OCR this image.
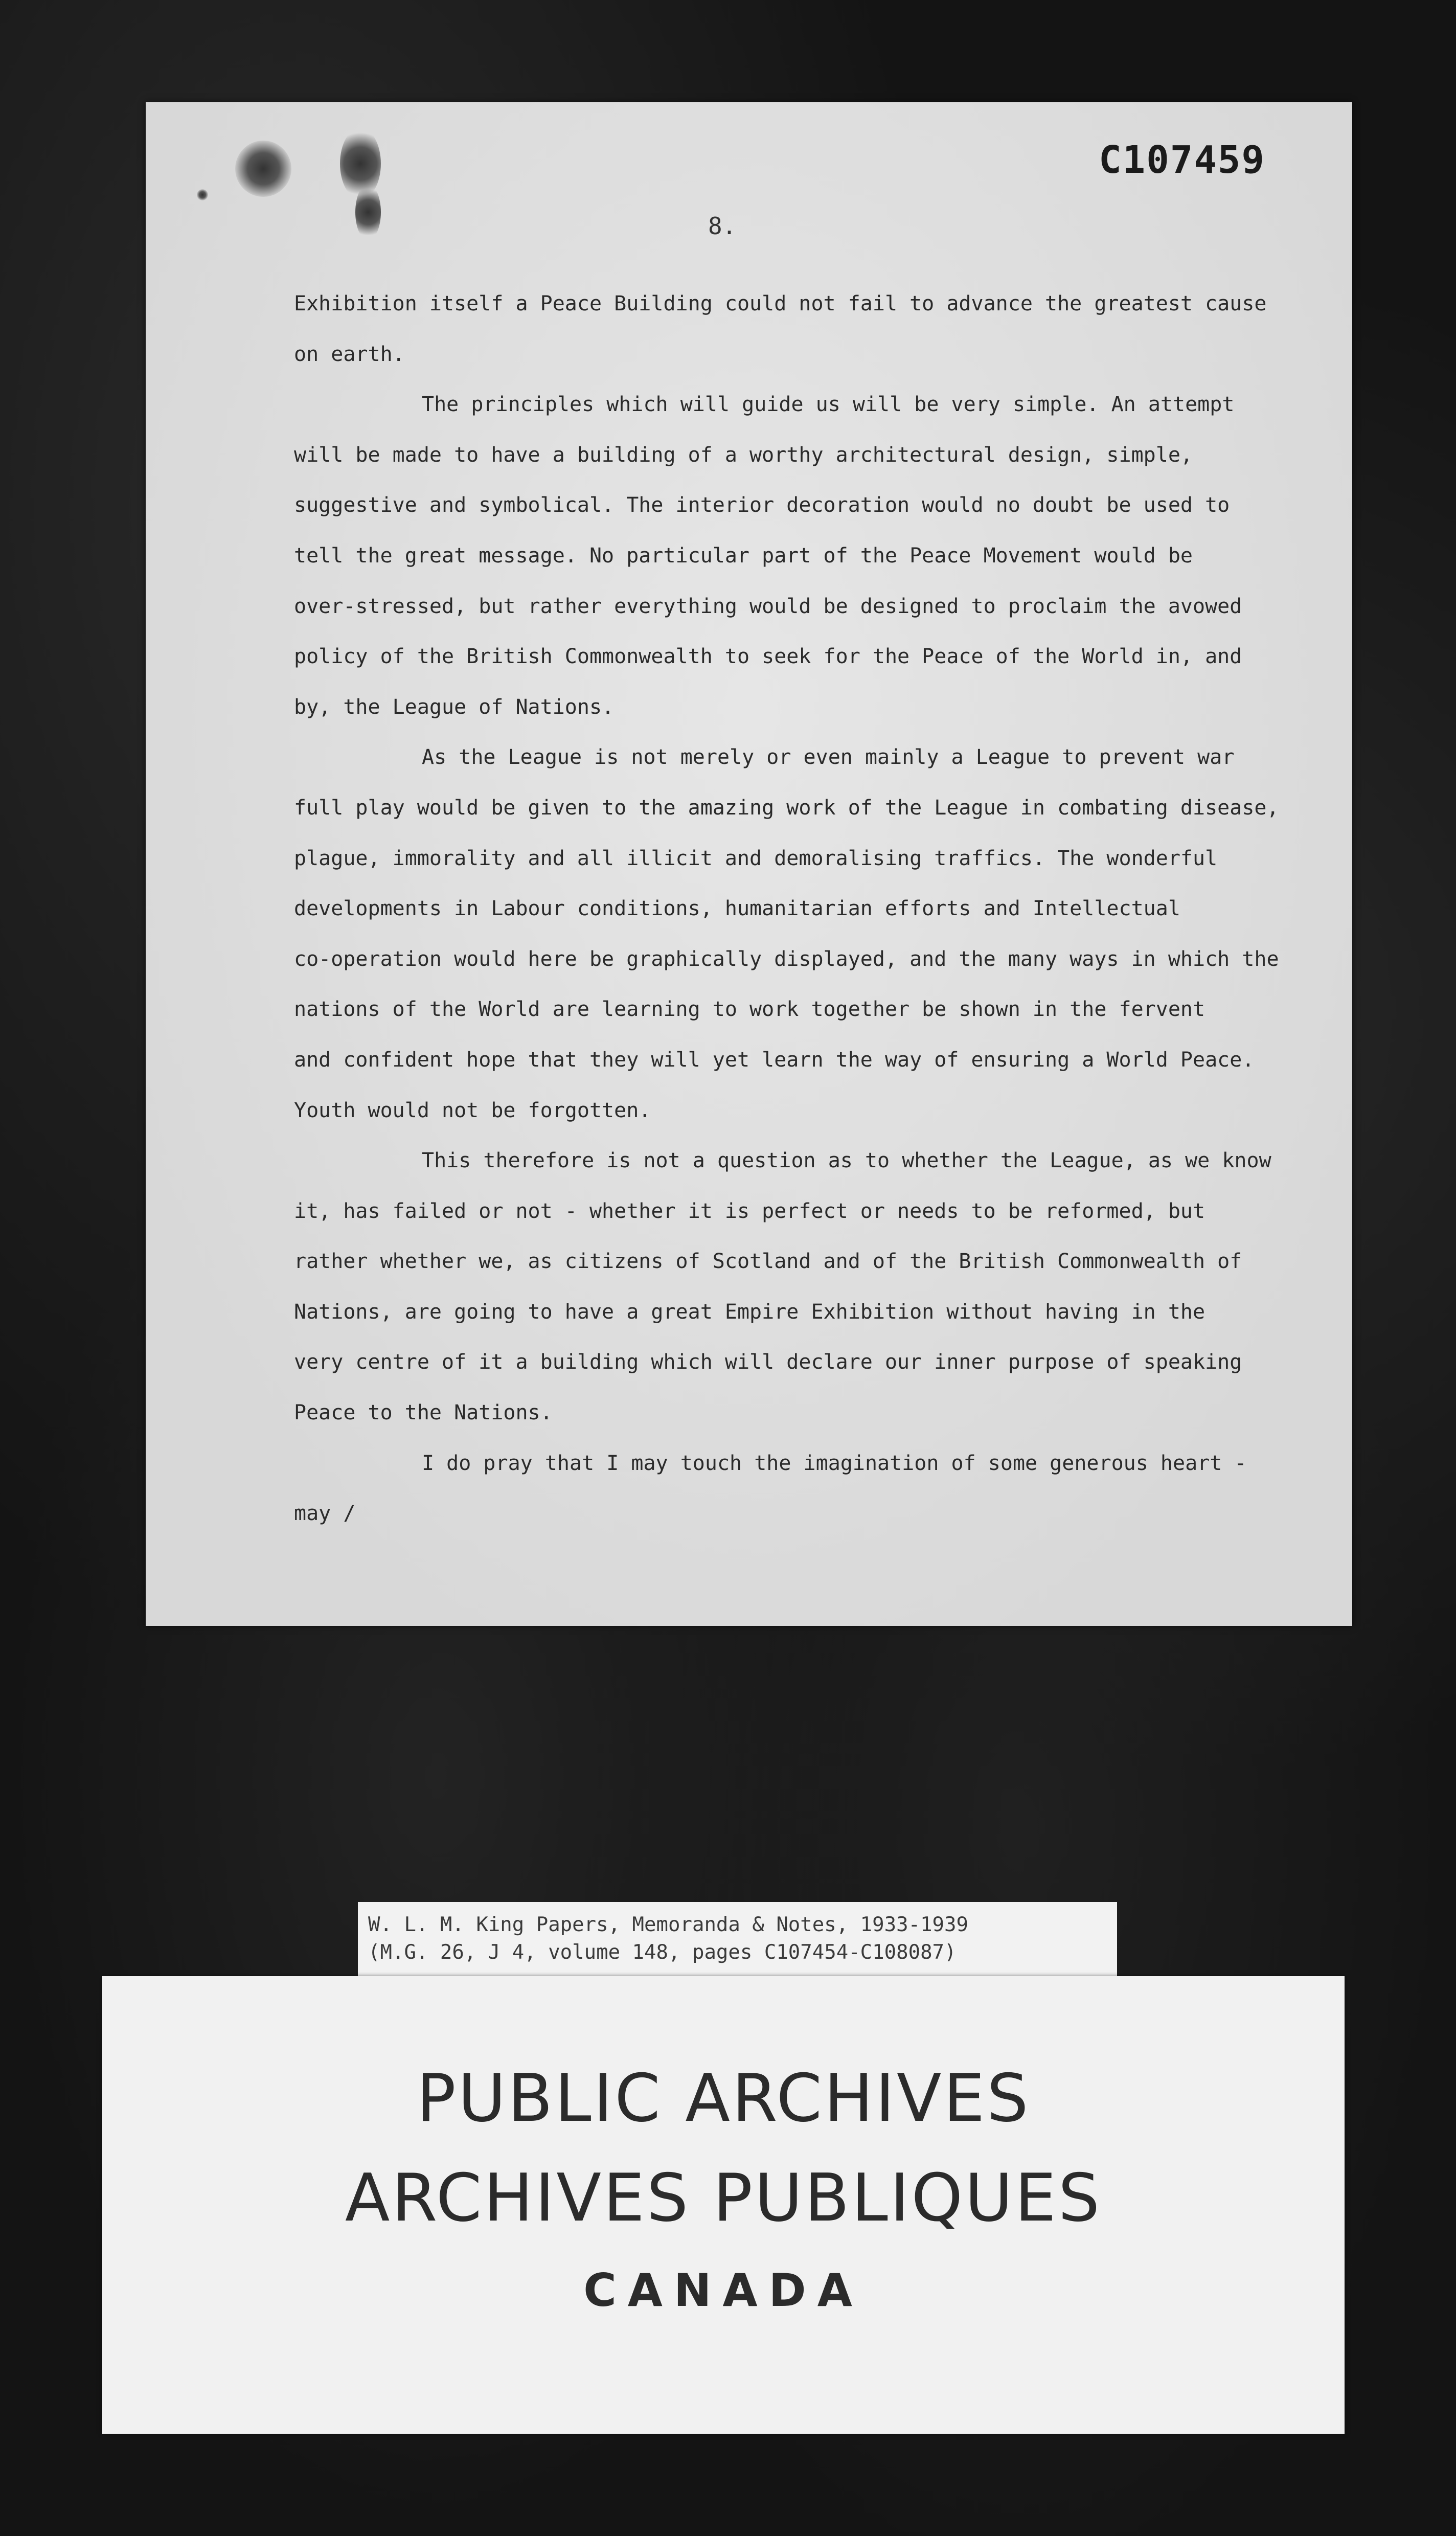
C107459
8.
Exhibition itself a Peace Building could not fail to advance the greatest cause
on earth.
The principles which will guide us will be very simple. An attempt
will be made to have a building of a worthy architectural design, simple,
suggestive and symbolical. The interior decoration would no doubt be used to
tell the great message. No particular part of the Peace Movement would be
over-stressed, but rather everything would be designed to proclaim the avowed
policy of the British Commonwealth to seek for the Peace of the World in, and
by, the League of Nations.
As the League is not merely or even mainly a League to prevent war
full play would be given to the amazing work of the League in combating disease,
plague, immorality and all illicit and demoralising traffics. The wonderful
developments in Labour conditions, humanitarian efforts and Intellectual
co-operation would here be graphically displayed, and the many ways in which the
nations of the World are learning to work together be shown in the fervent
and confident hope that they will yet learn the way of ensuring a World Peace.
Youth would not be forgotten.
This therefore is not a question as to whether the League, as we know
it, has failed or not - whether it is perfect or needs to be reformed, but
rather whether we, as citizens of Scotland and of the British Commonwealth of
Nations, are going to have a great Empire Exhibition without having in the
very centre of it a building which will declare our inner purpose of speaking
Peace to the Nations.
I do pray that I may touch the imagination of some generous heart -
may /
W. L. M. King Papers, Memoranda & Notes, 1933-1939
(M.G. 26, J 4, volume 148, pages C107454-C108087)
PUBLIC ARCHIVES
ARCHIVES PUBLIQUES
CANADA
